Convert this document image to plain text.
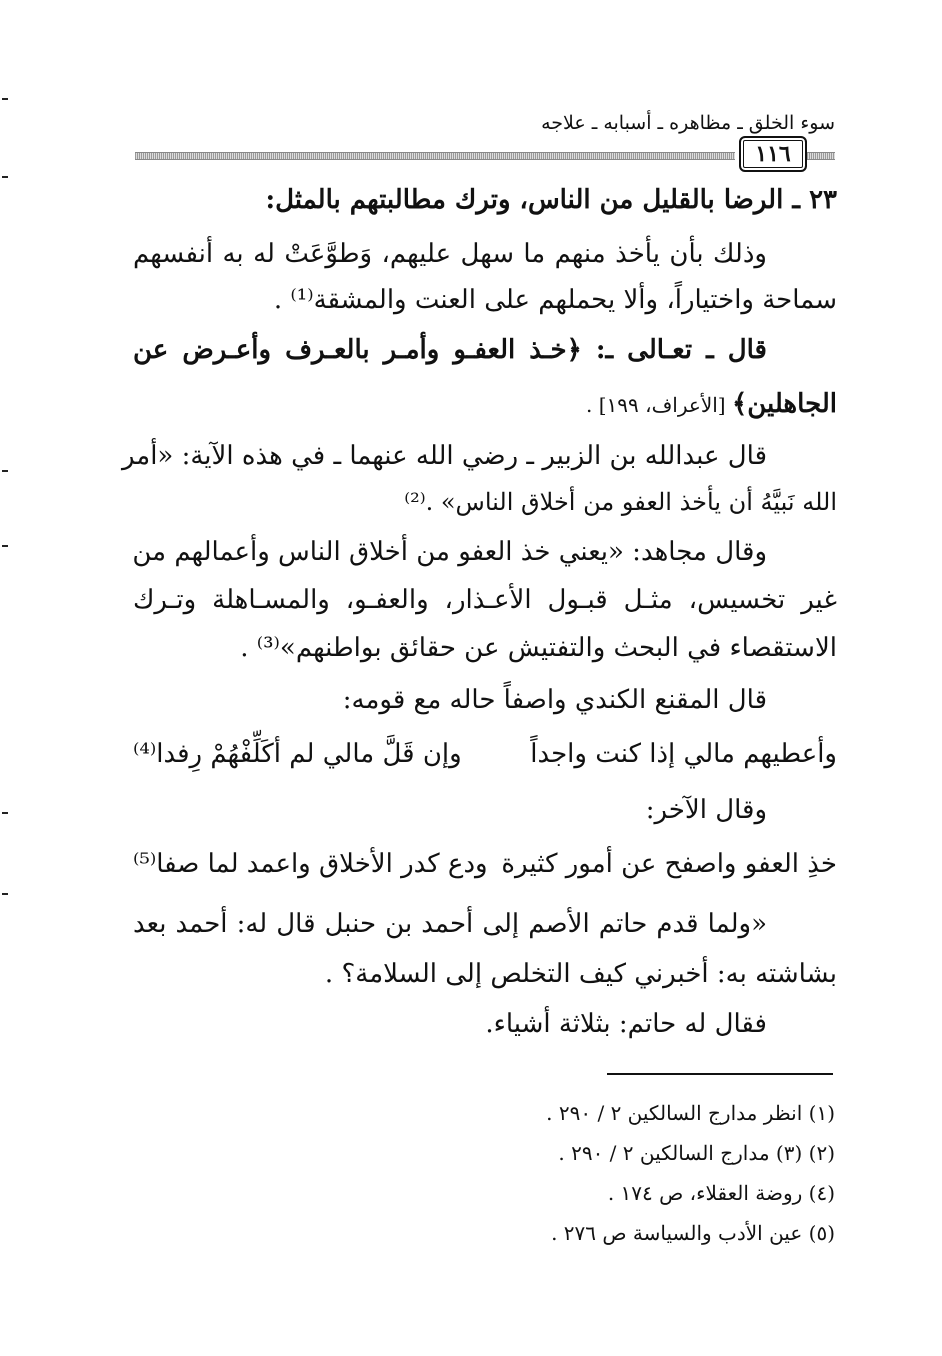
سوء الخلق ـ مظاهره ـ أسبابه ـ علاجه
١١٦
٢٣ ـ الرضا بالقليل من الناس، وترك مطالبتهم بالمثل:
وذلك بأن يأخذ منهم ما سهل عليهم، وَطوَّعَتْ له به أنفسهم
سماحة واختياراً، وألا يحملهم على العنت والمشقة⁽¹⁾ .
قال ـ تعـالى ـ: ﴿خـذ العفـو وأمـر بالعـرف وأعـرض عن
الجاهلين﴾ [الأعراف، ١٩٩] .
قال عبدالله بن الزبير ـ رضي الله عنهما ـ في هذه الآية: «أمر
الله نَبيَّهُ أن يأخذ العفو من أخلاق الناس» .⁽²⁾
وقال مجاهد: «يعني خذ العفو من أخلاق الناس وأعمالهم من
غير تخسيس، مثـل قبـول الأعـذار، والعفـو، والمسـاهلة وتـرك
الاستقصاء في البحث والتفتيش عن حقائق بواطنهم»⁽³⁾ .
قال المقنع الكندي واصفاً حاله مع قومه:
وأعطيهم مالي إذا كنت واجداً
وإن قَلَّ مالي لم أكَلِّفْهُمْ رِفدا⁽⁴⁾
وقال الآخر:
خذِ العفو واصفح عن أمور كثيرة
ودع كدر الأخلاق واعمد لما صفا⁽⁵⁾
«ولما قدم حاتم الأصم إلى أحمد بن حنبل قال له: أحمد بعد
بشاشته به: أخبرني كيف التخلص إلى السلامة؟ .
فقال له حاتم: بثلاثة أشياء.
(١) انظر مدارج السالكين ٢ / ٢٩٠ .
(٢) (٣) مدارج السالكين ٢ / ٢٩٠ .
(٤) روضة العقلاء، ص ١٧٤ .
(٥) عين الأدب والسياسة ص ٢٧٦ .
